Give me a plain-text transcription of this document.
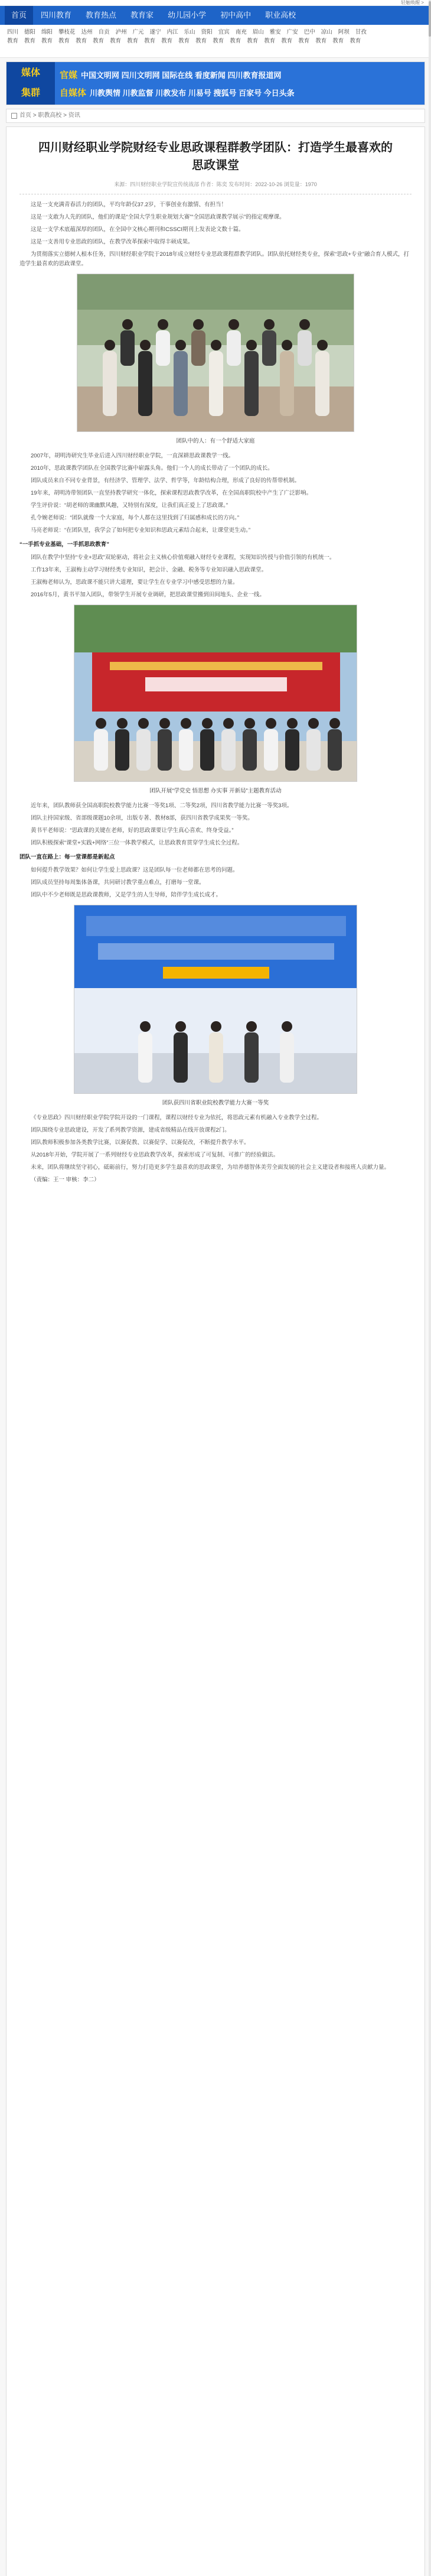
轻触唤醒 >
首页	四川教育	教育热点	教育家	幼儿园小学	初中高中	职业高校
四川 德阳 绵阳 攀枝花 达州 自贡 泸州 广元 遂宁 内江 乐山 资阳 宜宾 南充 眉山 雅安 广安 巴中 凉山 阿坝 甘孜
教育 教育 教育 教育 教育 教育 教育 教育 教育 教育 教育 教育 教育 教育 教育 教育 教育 教育 教育 教育 教育
媒体
集群
官媒 中国文明网 四川文明网 国际在线 看度新闻 四川教育报道网
自媒体 川教舆情 川教监督 川教发布 川易号 搜狐号 百家号 今日头条
首页 > 职教高校 > 资讯
四川财经职业学院财经专业思政课程群教学团队：打造学生最喜欢的思政课堂
来源：四川财经职业学院宣传统战部 作者：陈奕 发布时间：2022-10-26 浏览量：1970

这是一支充满青春活力的团队，平均年龄仅37.2岁，干事创业有激情、有担当！

这是一支敢为人先的团队，他们的课是“全国大学生职业规划大赛”“全国思政课教学展示”的指定观摩课。

这是一支学术底蕴深厚的团队，在全国中文核心期刊和CSSCI期刊上发表论文数十篇。

这是一支善用专业思政的团队，在教学改革探索中取得丰硕成果。

为贯彻落实立德树人根本任务，四川财经职业学院于2018年成立财经专业思政课程群教学团队。团队依托财经类专业，探索“思政+专业”融合育人模式，打造学生最喜欢的思政课堂。

团队中的人：有一个舒适大家庭

2007年，胡明涛研究生毕业后进入四川财经职业学院，一直深耕思政课教学一线。

2010年，思政课教学团队在全国教学比赛中崭露头角。他们一个人的成长带动了一个团队的成长。

团队成员来自不同专业背景，有经济学、管理学、法学、哲学等，年龄结构合理，形成了良好的传帮带机制。

19年来，胡明涛带领团队一直坚持教学研究一体化，探索课程思政教学改革，在全国高职院校中产生了广泛影响。

学生评价说：“胡老师的课幽默风趣，又特别有深度，让我们真正爱上了思政课。”

孔令婉老师说：“团队就像一个大家庭，每个人都在这里找到了归属感和成长的方向。”

马亮老师说：“在团队里，我学会了如何把专业知识和思政元素结合起来，让课堂更生动。”

“一手抓专业基础，一手抓思政教育”

团队在教学中坚持“专业+思政”双轮驱动，将社会主义核心价值观融入财经专业课程，实现知识传授与价值引领的有机统一。

工作13年来，王淑梅主动学习财经类专业知识，把会计、金融、税务等专业知识融入思政课堂。

王淑梅老师认为，思政课不能只讲大道理，要让学生在专业学习中感受思想的力量。

2016年5月，黄书平加入团队，带领学生开展专业调研，把思政课堂搬到田间地头、企业一线。

团队开展“学党史 悟思想 办实事 开新局”主题教育活动

近年来，团队教师获全国高职院校教学能力比赛一等奖1项、二等奖2项，四川省教学能力比赛一等奖3项。

团队主持国家级、省部级课题10余项，出版专著、教材8部，获四川省教学成果奖一等奖。

黄书平老师说：“思政课的关键在老师，好的思政课要让学生真心喜欢、终身受益。”

团队积极探索“课堂+实践+网络”三位一体教学模式，让思政教育贯穿学生成长全过程。

团队一直在路上：每一堂课都是新起点

如何提升教学效果？如何让学生爱上思政课？这是团队每一位老师都在思考的问题。

团队成员坚持每周集体备课，共同研讨教学重点难点，打磨每一堂课。

团队中不少老师既是思政课教师，又是学生的人生导师，陪伴学生成长成才。

团队获四川省职业院校教学能力大赛一等奖

《专业思政》四川财经职业学院学院开设的一门课程，课程以财经专业为依托，将思政元素有机融入专业教学全过程。

团队围绕专业思政建设，开发了系列教学资源，建成省级精品在线开放课程2门。

团队教师积极参加各类教学比赛，以赛促教、以赛促学、以赛促改，不断提升教学水平。

从2018年开始，学院开展了一系列财经专业思政教学改革，探索形成了可复制、可推广的经验做法。

未来，团队将继续坚守初心，砥砺前行，努力打造更多学生最喜欢的思政课堂，为培养德智体美劳全面发展的社会主义建设者和接班人贡献力量。

（责编：王一 审核：李二）
